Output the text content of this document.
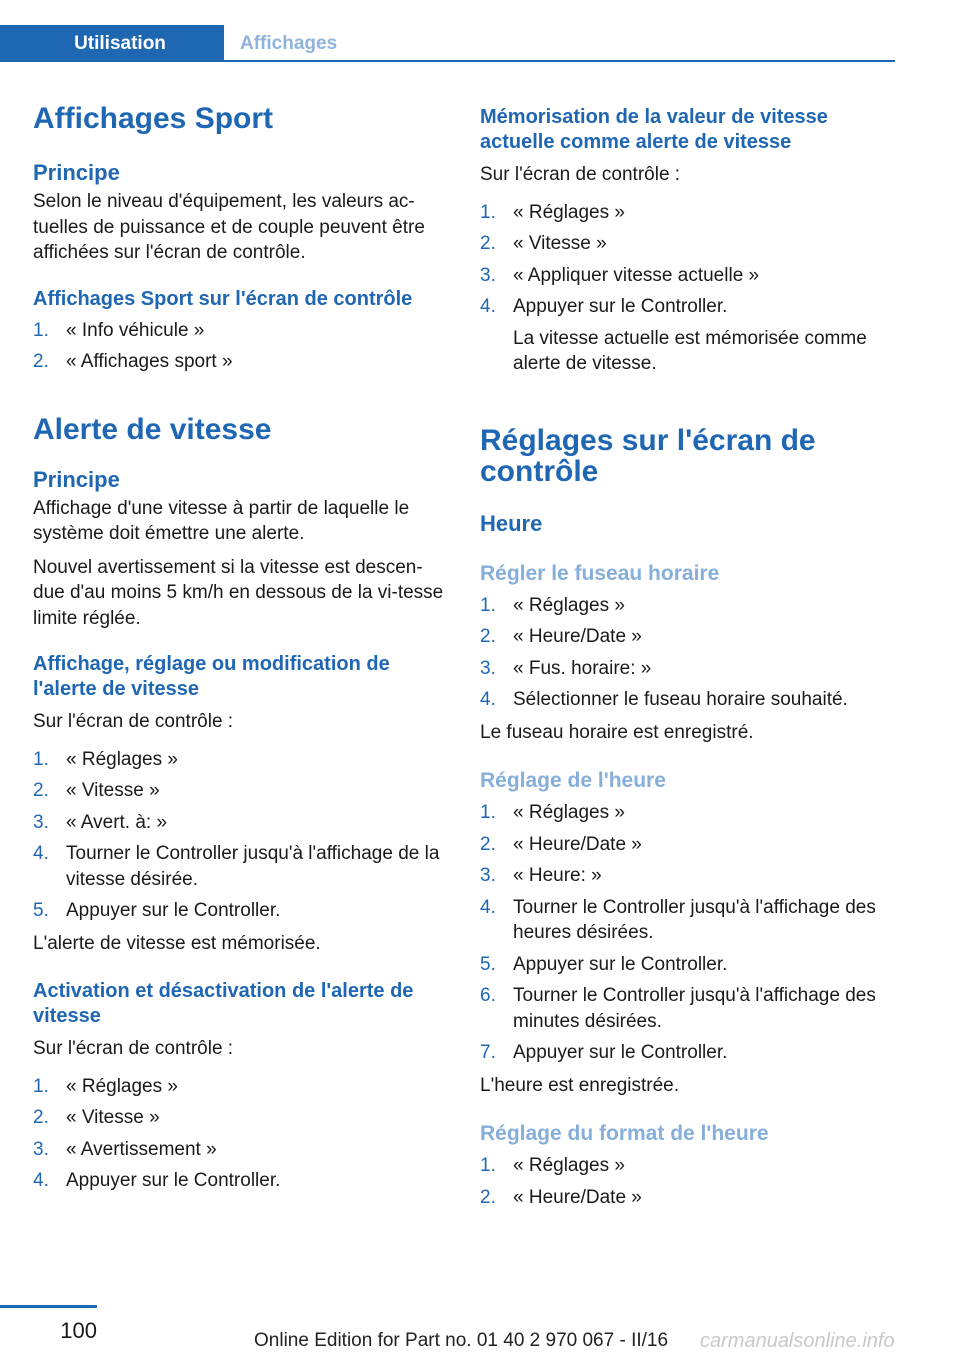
Utilisation	Affichages
Affichages Sport
Principe

Selon le niveau d'équipement, les valeurs ac-tuelles de puissance et de couple peuvent être affichées sur l'écran de contrôle.

Affichages Sport sur l'écran de contrôle
1. « Info véhicule »
2. « Affichages sport »
Alerte de vitesse
Principe

Affichage d'une vitesse à partir de laquelle le système doit émettre une alerte.

Nouvel avertissement si la vitesse est descen-due d'au moins 5 km/h en dessous de la vi-tesse limite réglée.

Affichage, réglage ou modification de l'alerte de vitesse

Sur l'écran de contrôle :

1. « Réglages »
2. « Vitesse »
3. « Avert. à: »
4. Tourner le Controller jusqu'à l'affichage de la vitesse désirée.
5. Appuyer sur le Controller.

L'alerte de vitesse est mémorisée.

Activation et désactivation de l'alerte de vitesse

Sur l'écran de contrôle :

1. « Réglages »
2. « Vitesse »
3. « Avertissement »
4. Appuyer sur le Controller.
Mémorisation de la valeur de vitesse actuelle comme alerte de vitesse

Sur l'écran de contrôle :

1. « Réglages »
2. « Vitesse »
3. « Appliquer vitesse actuelle »
4. Appuyer sur le Controller.
La vitesse actuelle est mémorisée comme alerte de vitesse.
Réglages sur l'écran de contrôle
Heure
Régler le fuseau horaire
1. « Réglages »
2. « Heure/Date »
3. « Fus. horaire: »
4. Sélectionner le fuseau horaire souhaité.

Le fuseau horaire est enregistré.

Réglage de l'heure
1. « Réglages »
2. « Heure/Date »
3. « Heure: »
4. Tourner le Controller jusqu'à l'affichage des heures désirées.
5. Appuyer sur le Controller.
6. Tourner le Controller jusqu'à l'affichage des minutes désirées.
7. Appuyer sur le Controller.

L'heure est enregistrée.

Réglage du format de l'heure
1. « Réglages »
2. « Heure/Date »
100	Online Edition for Part no. 01 40 2 970 067 - II/16 carmanualsonline.info
